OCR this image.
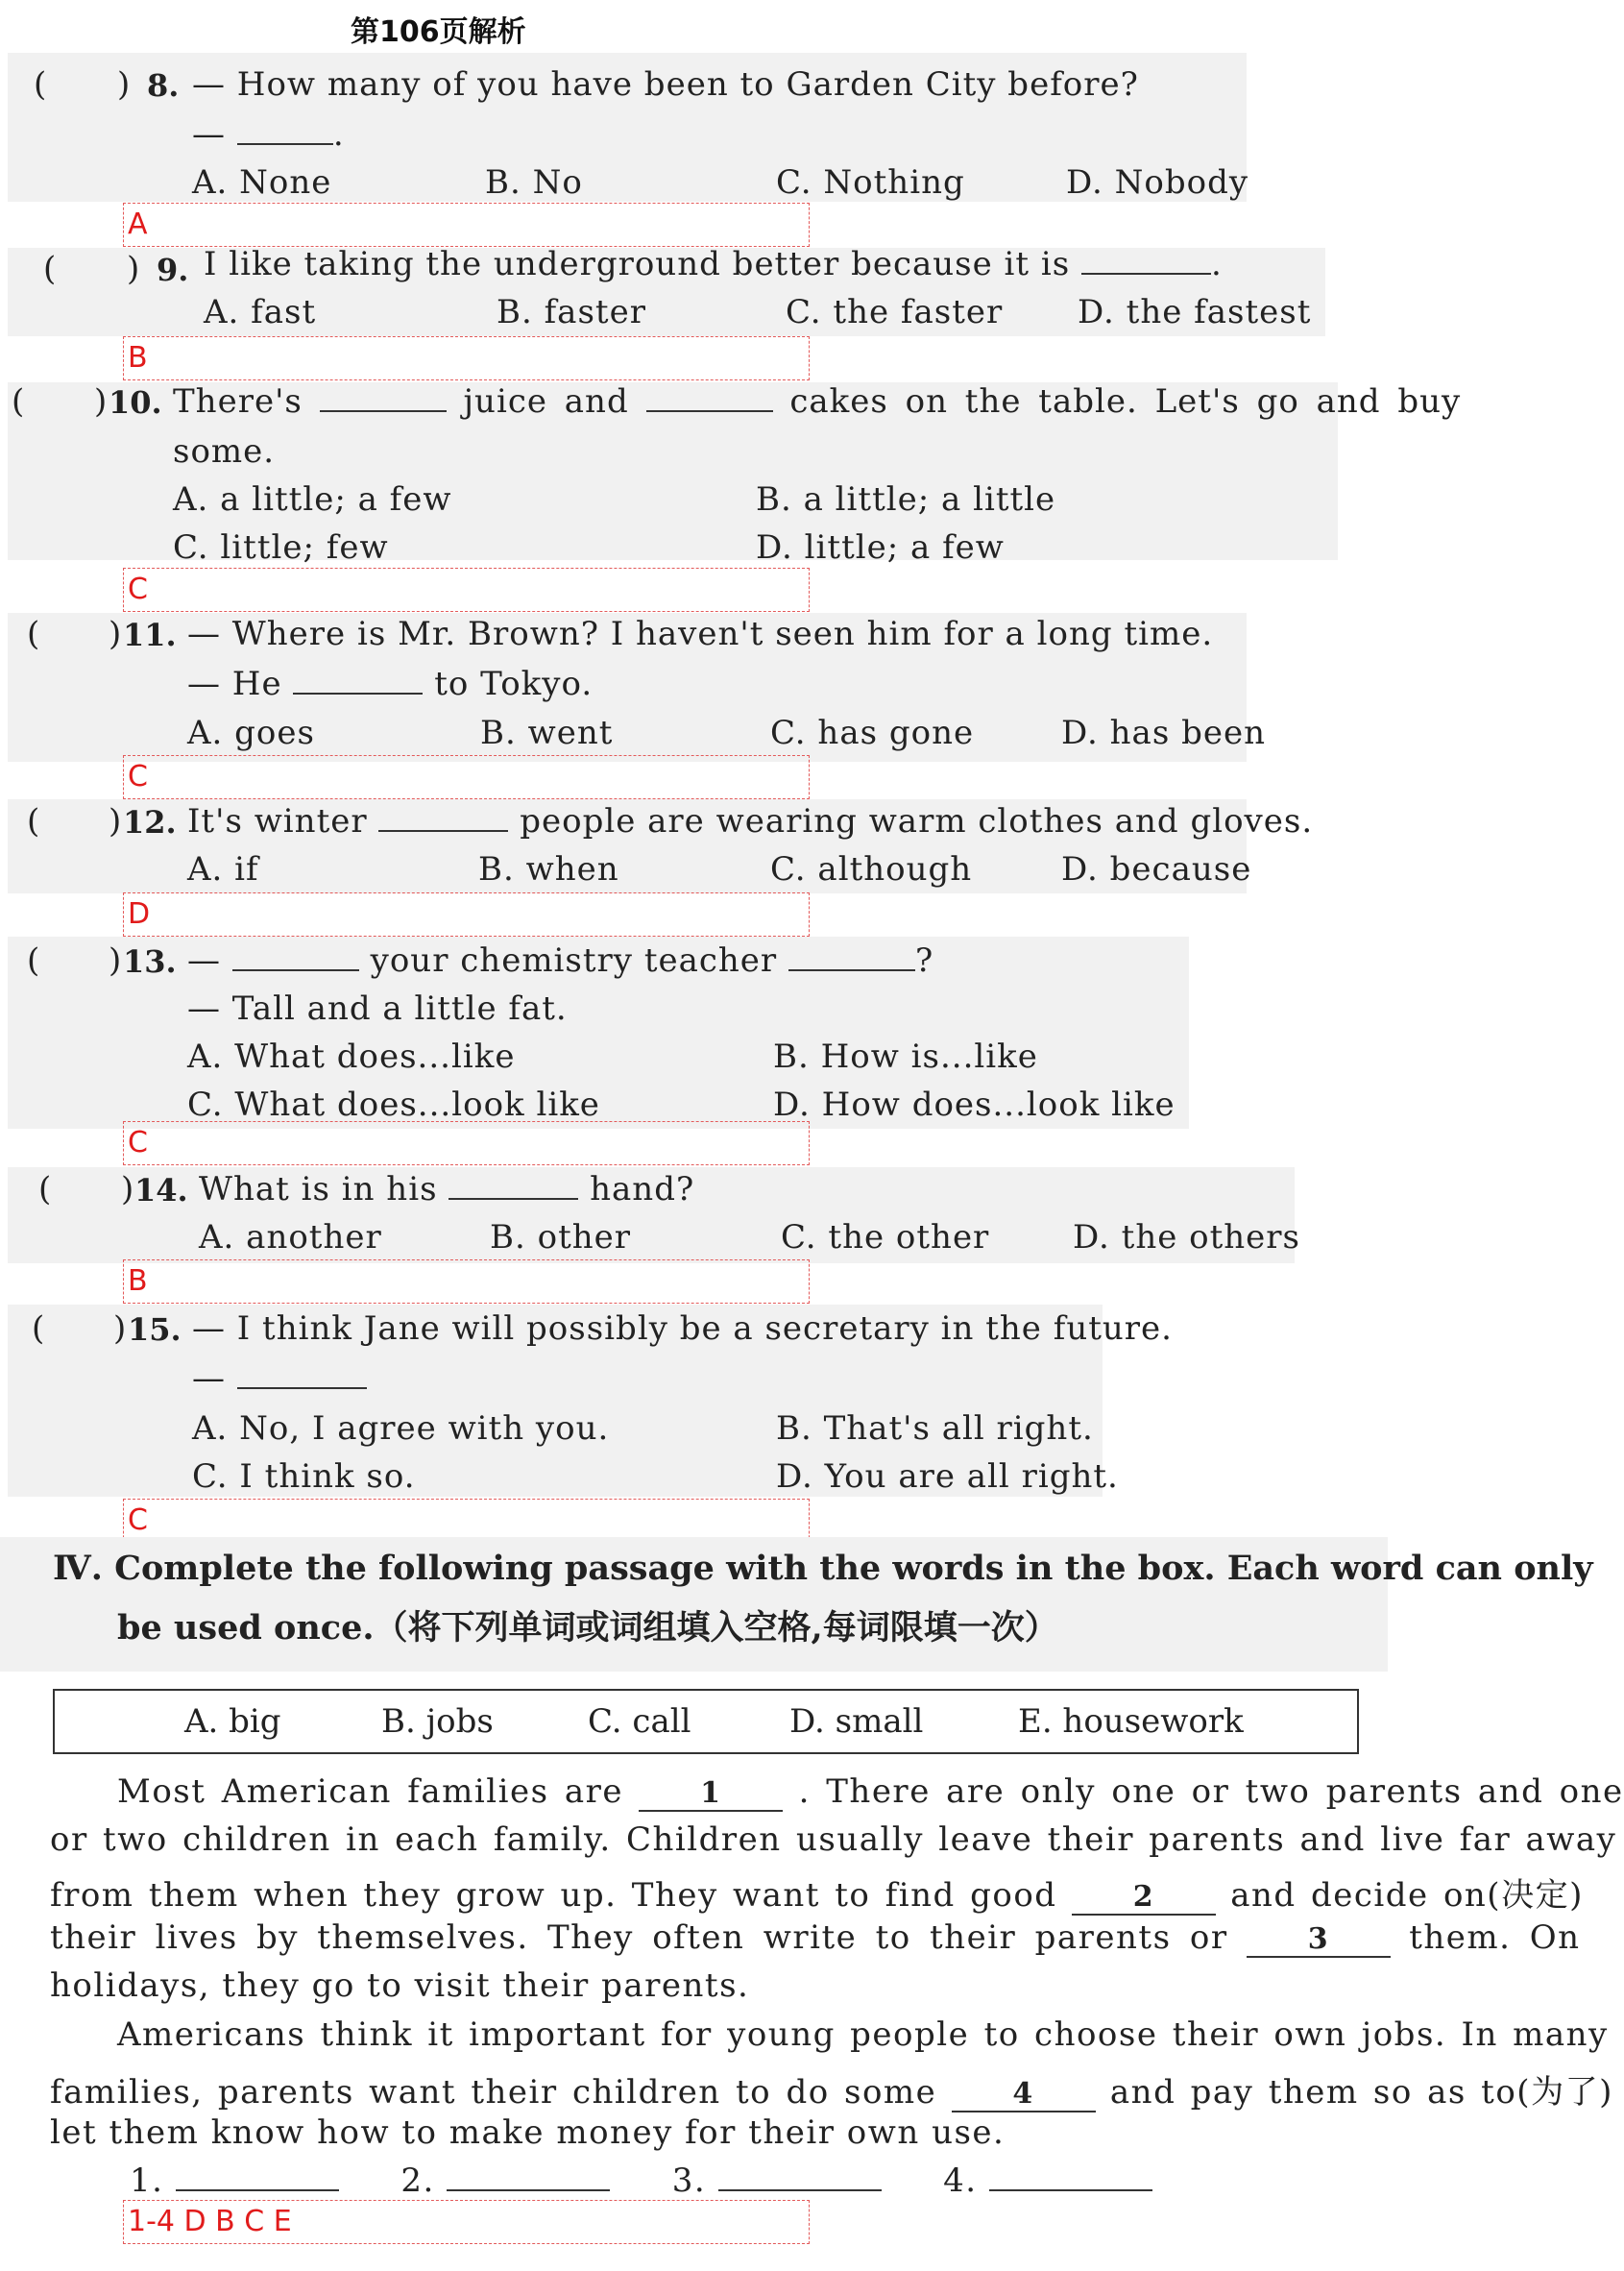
第106页解析
( ) 8. — How many of you have been to Garden City before?
—	.
A. None	B. No	C. Nothing	D. Nobody
A
( ) 9. I like taking the underground better because it is	.
A. fast	B. faster	C. the faster D. the fastest
B
( ) 10. There's	juice and	cakes on the table. Let's go and buy
some.
A. a little; a few	B. a little; a little
C. little; few	D. little; a few
C
( ) 11. — Where is Mr. Brown? I haven't seen him for a long time.
— He	to Tokyo.
A. goes	B. went	C. has gone	D. has been
C
( ) 12. It's winter	people are wearing warm clothes and gloves.
A. if	B. when	C. although	D. because
D
( ) 13. —	your chemistry teacher	?
— Tall and a little fat.
A. What does...like	B. How is...like
C. What does...look like	D. How does...look like
C
( ) 14. What is in his	hand?
A. another	B. other	C. the other	D. the others
B
( ) 15. — I think Jane will possibly be a secretary in the future.
—
A. No, I agree with you.	B. That's all right.
C. I think so.	D. You are all right.
C
Ⅳ. Complete the following passage with the words in the box. Each word can only
be used once.（将下列单词或词组填入空格,每词限填一次）
A. big	B. jobs	C. call	D. small	E. housework
Most American families are	1 . There are only one or two parents and one
or two children in each family. Children usually leave their parents and live far away
from them when they grow up. They want to find good	2 and decide on(决定)
their lives by themselves. They often write to their parents or	3 them. On
holidays, they go to visit their parents.
Americans think it important for young people to choose their own jobs. In many
families, parents want their children to do some	4 and pay them so as to(为了)
let them know how to make money for their own use.
1.	2.	3.	4.
1-4 D B C E
